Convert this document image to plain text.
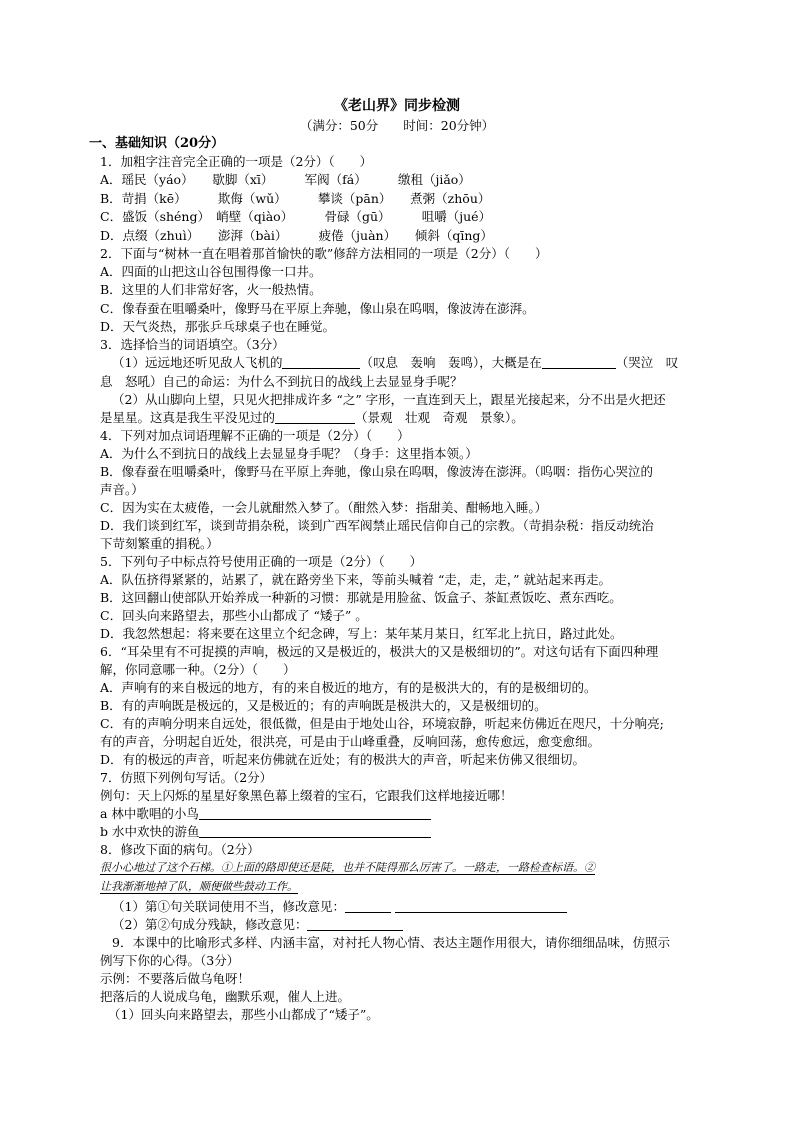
《老山界》同步检测
（满分：50分　　时间：20分钟）
一、基础知识（20分）
1．加粗字注音完全正确的一项是（2分）（　　）
A．瑶民（yáo）　　歇脚（xī）　　　军阀（fá）　　　缴租（jiǎo）
B．苛捐（kē）　　　欺侮（wǔ）　　　攀谈（pān）　　煮粥（zhōu）
C．盛饭（shéng）　峭壁（qiào）　　　骨碌（gū）　　　咀嚼（jué）
D．点缀（zhuì）　　澎湃（bài）　　　疲倦（juàn）　　倾斜（qīng）
2．下面与“树林一直在唱着那首愉快的歌”修辞方法相同的一项是（2分）（　　）
A．四面的山把这山谷包围得像一口井。
B．这里的人们非常好客，火一般热情。
C．像春蚕在咀嚼桑叶，像野马在平原上奔驰，像山泉在呜咽，像波涛在澎湃。
D．天气炎热，那张乒乓球桌子也在睡觉。
3．选择恰当的词语填空。（3分）
（1）远远地还听见敌人飞机的	（叹息　轰响　轰鸣），大概是在	（哭泣　叹
息　怒吼）自己的命运：为什么不到抗日的战线上去显显身手呢？
（2）从山脚向上望，只见火把排成许多 “之” 字形，一直连到天上，跟星光接起来，分不出是火把还
是星星。这真是我生平没见过的	（景观　壮观　奇观　景象）。
4．下列对加点词语理解不正确的一项是（2分）（　　）
A．为什么不到抗日的战线上去显显身手呢？（身手：这里指本领。）
B．像春蚕在咀嚼桑叶，像野马在平原上奔驰，像山泉在呜咽，像波涛在澎湃。（呜咽：指伤心哭泣的
声音。）
C．因为实在太疲倦，一会儿就酣然入梦了。（酣然入梦：指甜美、酣畅地入睡。）
D．我们谈到红军，谈到苛捐杂税，谈到广西军阀禁止瑶民信仰自己的宗教。（苛捐杂税：指反动统治
下苛刻繁重的捐税。）
5．下列句子中标点符号使用正确的一项是（2分）（　　）
A．队伍挤得紧紧的，站累了，就在路旁坐下来，等前头喊着 “走，走，走，” 就站起来再走。
B．这回翻山使部队开始养成一种新的习惯：那就是用脸盆、饭盒子、茶缸煮饭吃、煮东西吃。
C．回头向来路望去，那些小山都成了 “矮子” 。
D．我忽然想起：将来要在这里立个纪念碑，写上：某年某月某日，红军北上抗日，路过此处。
6．“耳朵里有不可捉摸的声响，极远的又是极近的，极洪大的又是极细切的”。对这句话有下面四种理
解，你同意哪一种。（2分）（　　）
A．声响有的来自极远的地方，有的来自极近的地方，有的是极洪大的，有的是极细切的。
B．有的声响既是极远的，又是极近的；有的声响既是极洪大的，又是极细切的。
C．有的声响分明来自远处，很低微，但是由于地处山谷，环境寂静，听起来仿佛近在咫尺，十分响亮;
有的声音，分明起自近处，很洪亮，可是由于山峰重叠，反响回荡，愈传愈远，愈变愈细。
D．有的极远的声音，听起来仿佛就在近处；有的极洪大的声音，听起来仿佛又很细切。
7．仿照下列例句写话。（2分）
例句：天上闪烁的星星好象黑色幕上缀着的宝石，它跟我们这样地接近哪！
a 林中歌唱的小鸟
b 水中欢快的游鱼
8．修改下面的病句。（2分）
很小心地过了这个石梯。①上面的路即使还是陡，也并不陡得那么厉害了。一路走，一路检查标语。②
让我渐渐地掉了队，顺便做些鼓动工作。
（1）第①句关联词使用不当，修改意见：
（2）第②句成分残缺，修改意见：
9．本课中的比喻形式多样、内涵丰富，对衬托人物心情、表达主题作用很大，请你细细品味，仿照示
例写下你的心得。（3分）
示例：不要落后做乌龟呀！
把落后的人说成乌龟，幽默乐观，催人上进。
（1）回头向来路望去，那些小山都成了“矮子”。
